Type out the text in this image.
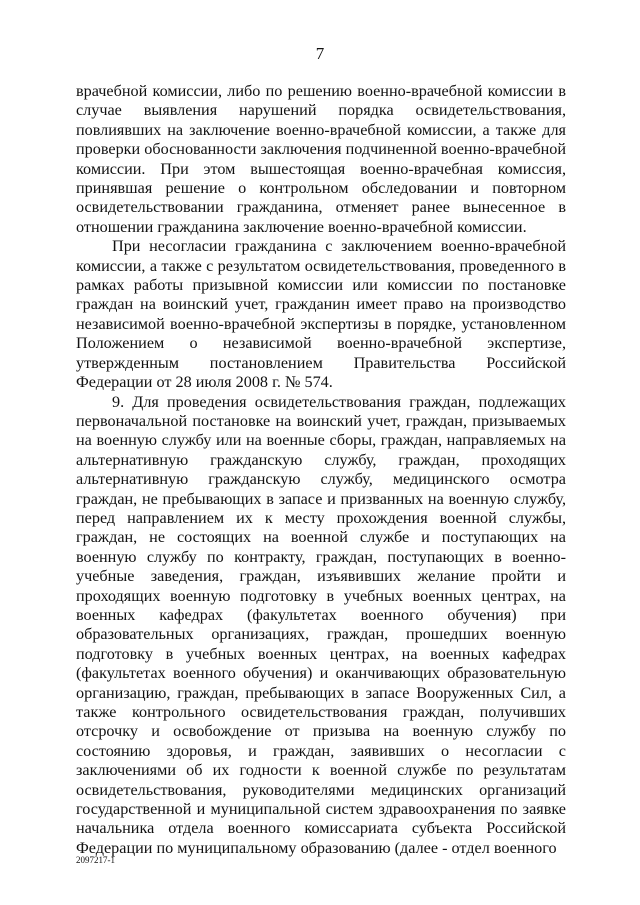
7

врачебной комиссии, либо по решению военно-врачебной комиссии в случае выявления нарушений порядка освидетельствования, повлиявших на заключение военно-врачебной комиссии, а также для проверки обоснованности заключения подчиненной военно-врачебной комиссии. При этом вышестоящая военно-врачебная комиссия, принявшая решение о контрольном обследовании и повторном освидетельствовании гражданина, отменяет ранее вынесенное в отношении гражданина заключение военно-врачебной комиссии.

При несогласии гражданина с заключением военно-врачебной комиссии, а также с результатом освидетельствования, проведенного в рамках работы призывной комиссии или комиссии по постановке граждан на воинский учет, гражданин имеет право на производство независимой военно-врачебной экспертизы в порядке, установленном Положением о независимой военно-врачебной экспертизе, утвержденным постановлением Правительства Российской Федерации от 28 июля 2008 г. № 574.

9. Для проведения освидетельствования граждан, подлежащих первоначальной постановке на воинский учет, граждан, призываемых на военную службу или на военные сборы, граждан, направляемых на альтернативную гражданскую службу, граждан, проходящих альтернативную гражданскую службу, медицинского осмотра граждан, не пребывающих в запасе и призванных на военную службу, перед направлением их к месту прохождения военной службы, граждан, не состоящих на военной службе и поступающих на военную службу по контракту, граждан, поступающих в военно-учебные заведения, граждан, изъявивших желание пройти и проходящих военную подготовку в учебных военных центрах, на военных кафедрах (факультетах военного обучения) при образовательных организациях, граждан, прошедших военную подготовку в учебных военных центрах, на военных кафедрах (факультетах военного обучения) и оканчивающих образовательную организацию, граждан, пребывающих в запасе Вооруженных Сил, а также контрольного освидетельствования граждан, получивших отсрочку и освобождение от призыва на военную службу по состоянию здоровья, и граждан, заявивших о несогласии с заключениями об их годности к военной службе по результатам освидетельствования, руководителями медицинских организаций государственной и муниципальной систем здравоохранения по заявке начальника отдела военного комиссариата субъекта Российской Федерации по муниципальному образованию (далее - отдел военного

2097217-1
